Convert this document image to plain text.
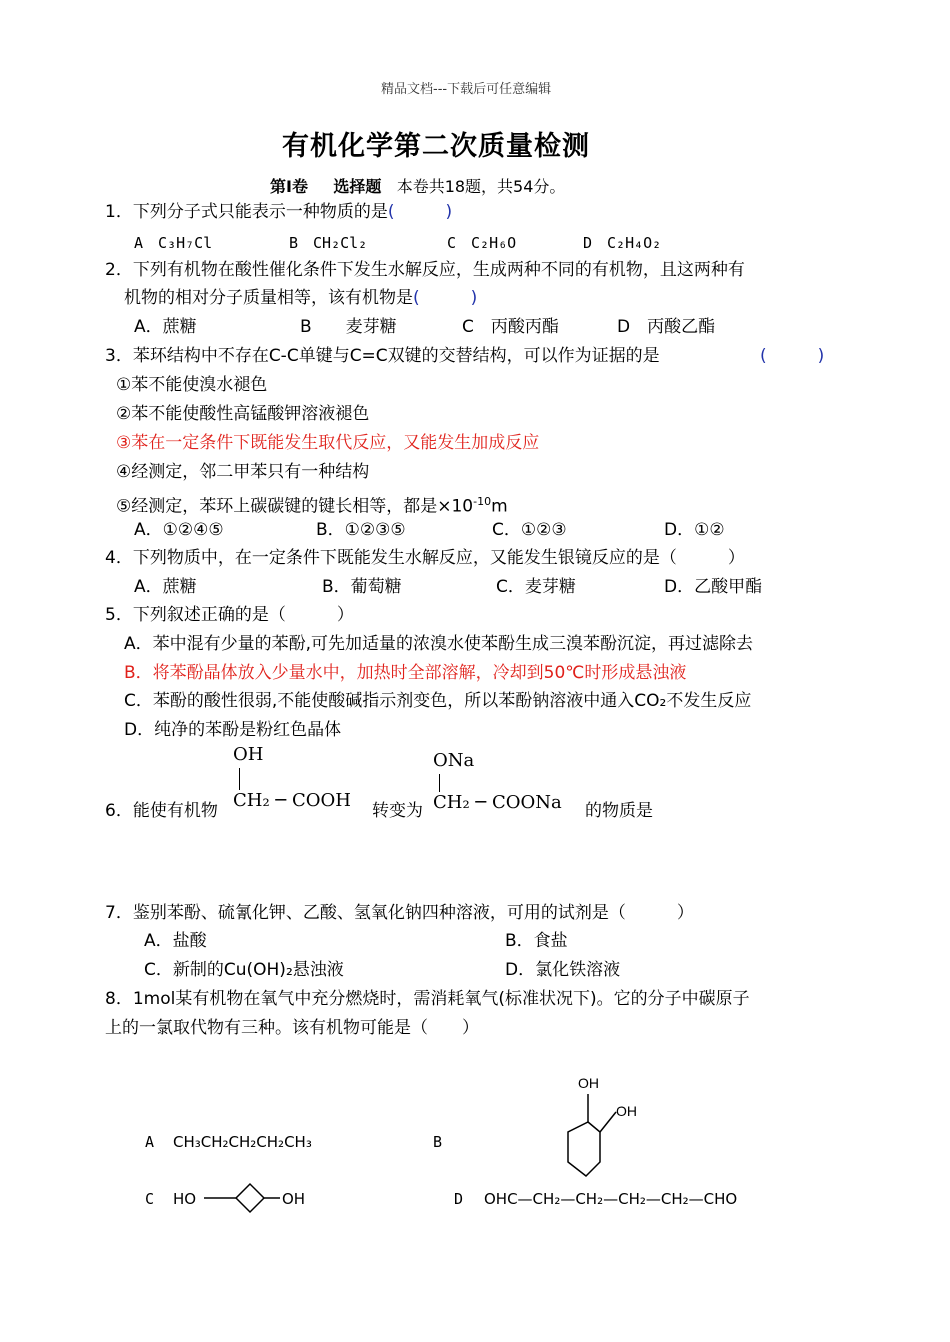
精品文档---下载后可任意编辑
有机化学第二次质量检测
第Ⅰ卷 选择题 本卷共18题，共54分。
1．下列分子式只能表示一种物质的是(　　　)
A　C₃H₇Cl	B　CH₂Cl₂	C　C₂H₆O	D　C₂H₄O₂
2．下列有机物在酸性催化条件下发生水解反应，生成两种不同的有机物，且这两种有
机物的相对分子质量相等，该有机物是(　　　)
A．蔗糖	B　　麦芽糖	C　丙酸丙酯	D　丙酸乙酯
3．苯环结构中不存在C-C单键与C=C双键的交替结构，可以作为证据的是	(　　　)
①苯不能使溴水褪色
②苯不能使酸性高锰酸钾溶液褪色
③苯在一定条件下既能发生取代反应，又能发生加成反应
④经测定，邻二甲苯只有一种结构
⑤经测定，苯环上碳碳键的键长相等，都是$\times 10^{-10}m$
A．①②④⑤	B．①②③⑤	C．①②③	D．①②
4．下列物质中，在一定条件下既能发生水解反应，又能发生银镜反应的是（　　　）
A．蔗糖	B．葡萄糖	C．麦芽糖	D．乙酸甲酯
5．下列叙述正确的是（　　　）
A．苯中混有少量的苯酚,可先加适量的浓溴水使苯酚生成三溴苯酚沉淀，再过滤除去
B．将苯酚晶体放入少量水中，加热时全部溶解，冷却到50℃时形成悬浊液
C．苯酚的酸性很弱,不能使酸碱指示剂变色，所以苯酚钠溶液中通入CO₂不发生反应
D．纯净的苯酚是粉红色晶体
6．能使有机物
OH
CH₂ ─ COOH 转变为
ONa
CH₂ ─ COONa 的物质是
7．鉴别苯酚、硫氰化钾、乙酸、氢氧化钠四种溶液，可用的试剂是（　　　）
A．盐酸	B．食盐
C．新制的Cu(OH)₂悬浊液	D．氯化铁溶液
8．1mol某有机物在氧气中充分燃烧时，需消耗氧气(标准状况下)。它的分子中碳原子
上的一氯取代物有三种。该有机物可能是（　　）
A CH₃CH₂CH₂CH₂CH₃	B
OH
OH
C HO	OH	D OHC—CH₂—CH₂—CH₂—CH₂—CHO
